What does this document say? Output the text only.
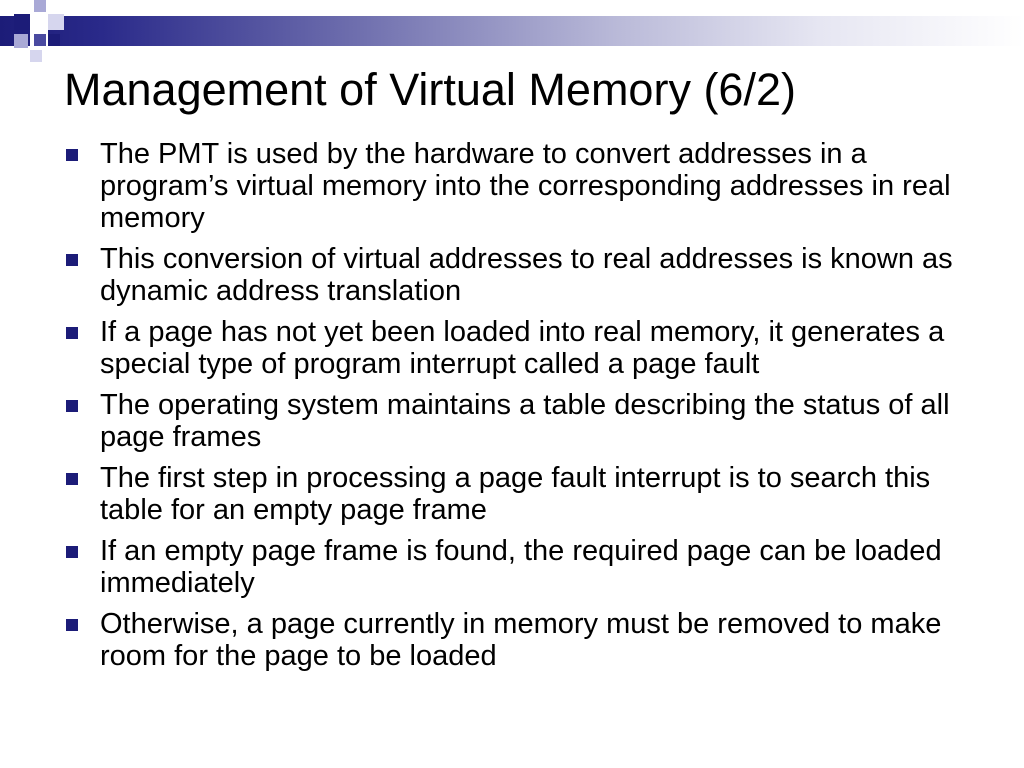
Management of Virtual Memory (6/2)
The PMT is used by the hardware to convert addresses in a program’s virtual memory into the corresponding addresses in real memory
This conversion of virtual addresses to real addresses is known as dynamic address translation
If a page has not yet been loaded into real memory, it generates a special type of program interrupt called a page fault
The operating system maintains a table describing the status of all page frames
The first step in processing a page fault interrupt is to search this table for an empty page frame
If an empty page frame is found, the required page can be loaded immediately
Otherwise, a page currently in memory must be removed to make room for the page to be loaded
